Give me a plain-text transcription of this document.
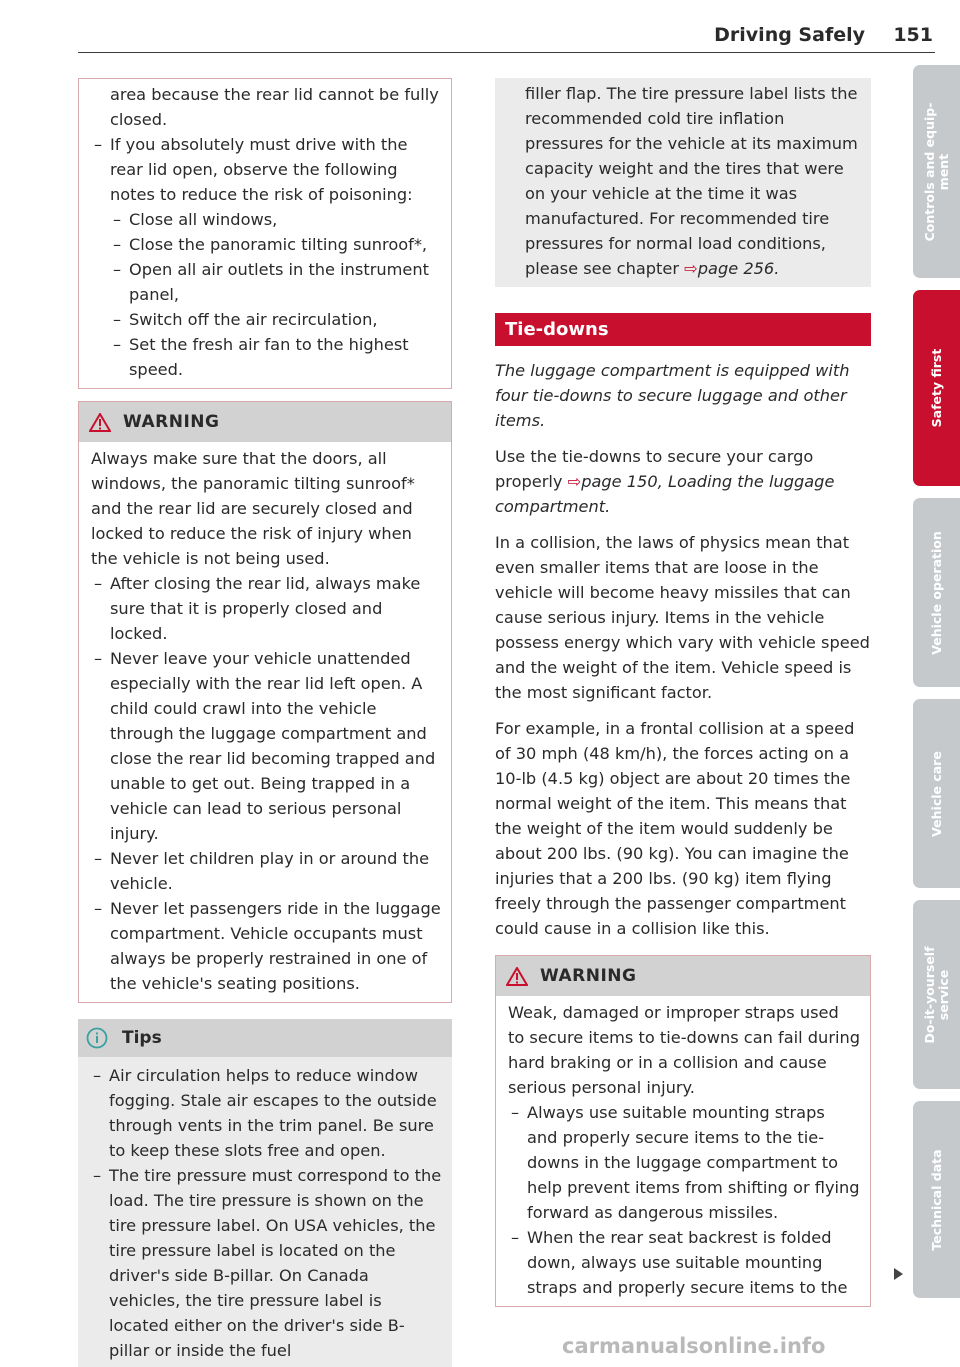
Driving Safely 151

area because the rear lid cannot be fully closed.

– If you absolutely must drive with the rear lid open, observe the following notes to reduce the risk of poisoning:
– Close all windows,
– Close the panoramic tilting sunroof*,
– Open all air outlets in the instrument panel,
– Switch off the air recirculation,
– Set the fresh air fan to the highest speed.
WARNING

Always make sure that the doors, all windows, the panoramic tilting sunroof* and the rear lid are securely closed and locked to reduce the risk of injury when the vehicle is not being used.

– After closing the rear lid, always make sure that it is properly closed and locked.
– Never leave your vehicle unattended especially with the rear lid left open. A child could crawl into the vehicle through the luggage compartment and close the rear lid becoming trapped and unable to get out. Being trapped in a vehicle can lead to serious personal injury.
– Never let children play in or around the vehicle.
– Never let passengers ride in the luggage compartment. Vehicle occupants must always be properly restrained in one of the vehicle's seating positions.
Tips
– Air circulation helps to reduce window fogging. Stale air escapes to the outside through vents in the trim panel. Be sure to keep these slots free and open.
– The tire pressure must correspond to the load. The tire pressure is shown on the tire pressure label. On USA vehicles, the tire pressure label is located on the driver's side B-pillar. On Canada vehicles, the tire pressure label is located either on the driver's side B-pillar or inside the fuel

filler flap. The tire pressure label lists the recommended cold tire inflation pressures for the vehicle at its maximum capacity weight and the tires that were on your vehicle at the time it was manufactured. For recommended tire pressures for normal load conditions, please see chapter ⇨page 256.

Tie-downs

The luggage compartment is equipped with four tie-downs to secure luggage and other items.

Use the tie-downs to secure your cargo properly ⇨page 150, Loading the luggage compartment.

In a collision, the laws of physics mean that even smaller items that are loose in the vehicle will become heavy missiles that can cause serious injury. Items in the vehicle possess energy which vary with vehicle speed and the weight of the item. Vehicle speed is the most significant factor.

For example, in a frontal collision at a speed of 30 mph (48 km/h), the forces acting on a 10-lb (4.5 kg) object are about 20 times the normal weight of the item. This means that the weight of the item would suddenly be about 200 lbs. (90 kg). You can imagine the injuries that a 200 lbs. (90 kg) item flying freely through the passenger compartment could cause in a collision like this.

WARNING

Weak, damaged or improper straps used to secure items to tie-downs can fail during hard braking or in a collision and cause serious personal injury.

– Always use suitable mounting straps and properly secure items to the tie-downs in the luggage compartment to help prevent items from shifting or flying forward as dangerous missiles.
– When the rear seat backrest is folded down, always use suitable mounting straps and properly secure items to the
Controls and equip-
ment
Safety first
Vehicle operation
Vehicle care
Do-it-yourself
service
Technical data
carmanualsonline.info
